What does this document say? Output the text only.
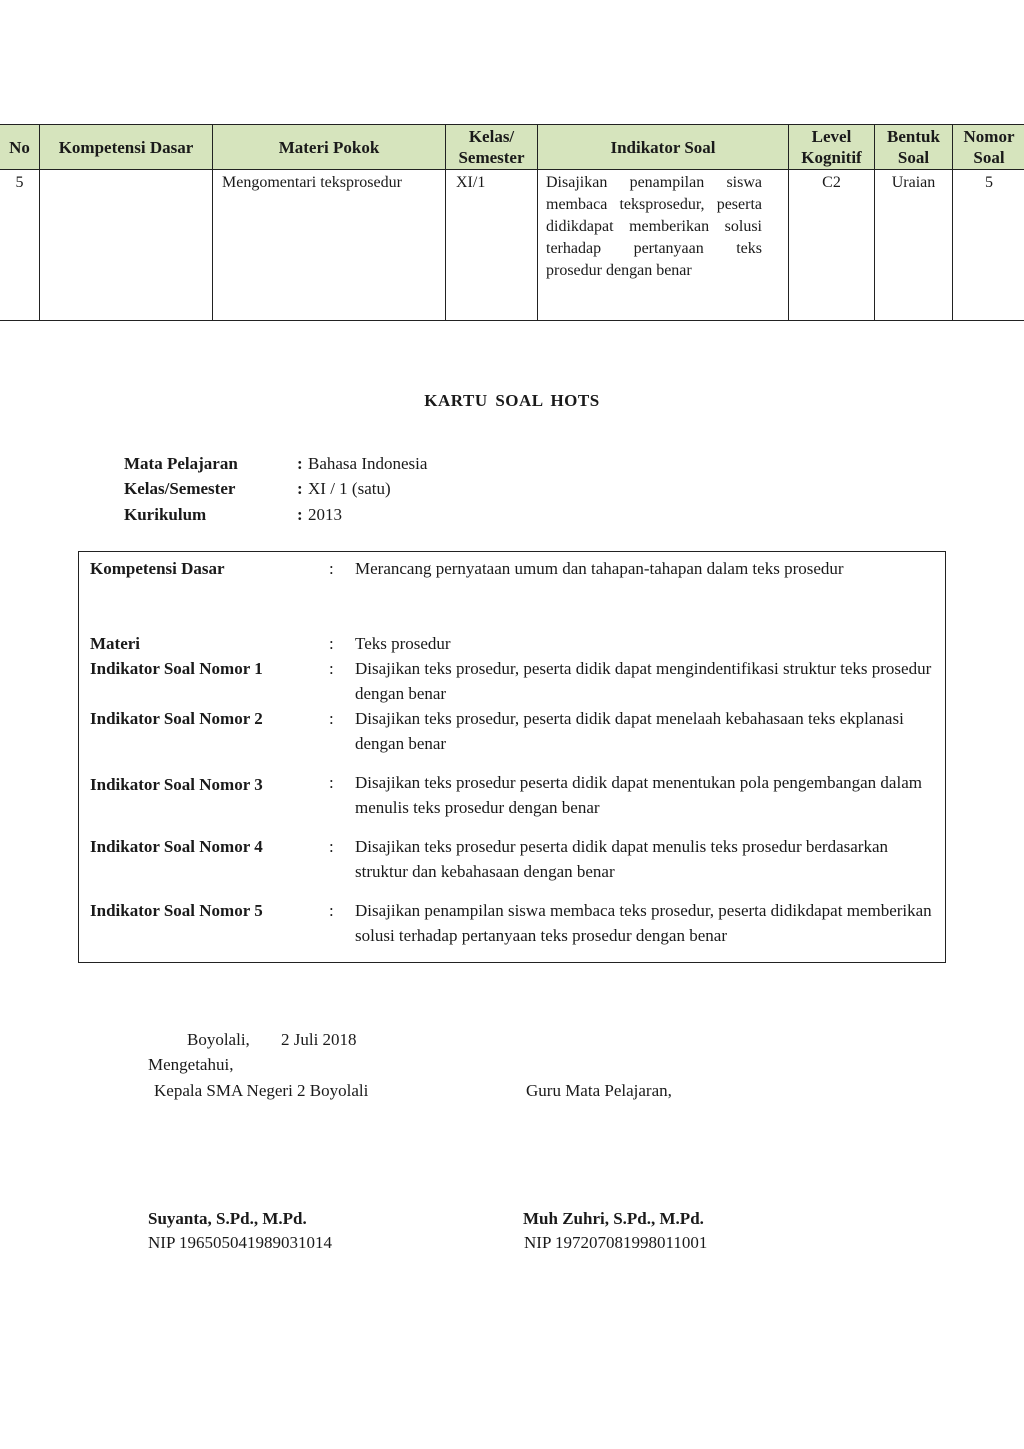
No	Kompetensi Dasar	Materi Pokok	Kelas/ Semester	Indikator Soal	Level Kognitif	Bentuk Soal	Nomor Soal
5		Mengomentari teksprosedur	XI/1	Disajikan penampilan siswa membaca teksprosedur, peserta didikdapat memberikan solusi terhadap pertanyaan teks prosedur dengan benar	C2	Uraian	5
KARTU SOAL HOTS
Mata Pelajaran	: Bahasa Indonesia
Kelas/Semester	: XI / 1 (satu)
Kurikulum	: 2013
Kompetensi Dasar	: Merancang pernyataan umum dan tahapan-tahapan dalam teks prosedur
Materi	: Teks prosedur
Indikator Soal Nomor 1	: Disajikan teks prosedur, peserta didik dapat mengindentifikasi struktur teks prosedur dengan benar
Indikator Soal Nomor 2	: Disajikan teks prosedur, peserta didik dapat menelaah kebahasaan teks ekplanasi dengan benar
Indikator Soal Nomor 3	: Disajikan teks prosedur peserta didik dapat menentukan pola pengembangan dalam menulis teks prosedur dengan benar
Indikator Soal Nomor 4	: Disajikan teks prosedur peserta didik dapat menulis teks prosedur berdasarkan struktur dan kebahasaan dengan benar
Indikator Soal Nomor 5	: Disajikan penampilan siswa membaca teks prosedur, peserta didikdapat memberikan solusi terhadap pertanyaan teks prosedur dengan benar
Boyolali, 2 Juli 2018
Mengetahui,
Kepala SMA Negeri 2 Boyolali	Guru Mata Pelajaran,
Suyanta, S.Pd., M.Pd.
NIP 196505041989031014
Muh Zuhri, S.Pd., M.Pd.
NIP 197207081998011001
